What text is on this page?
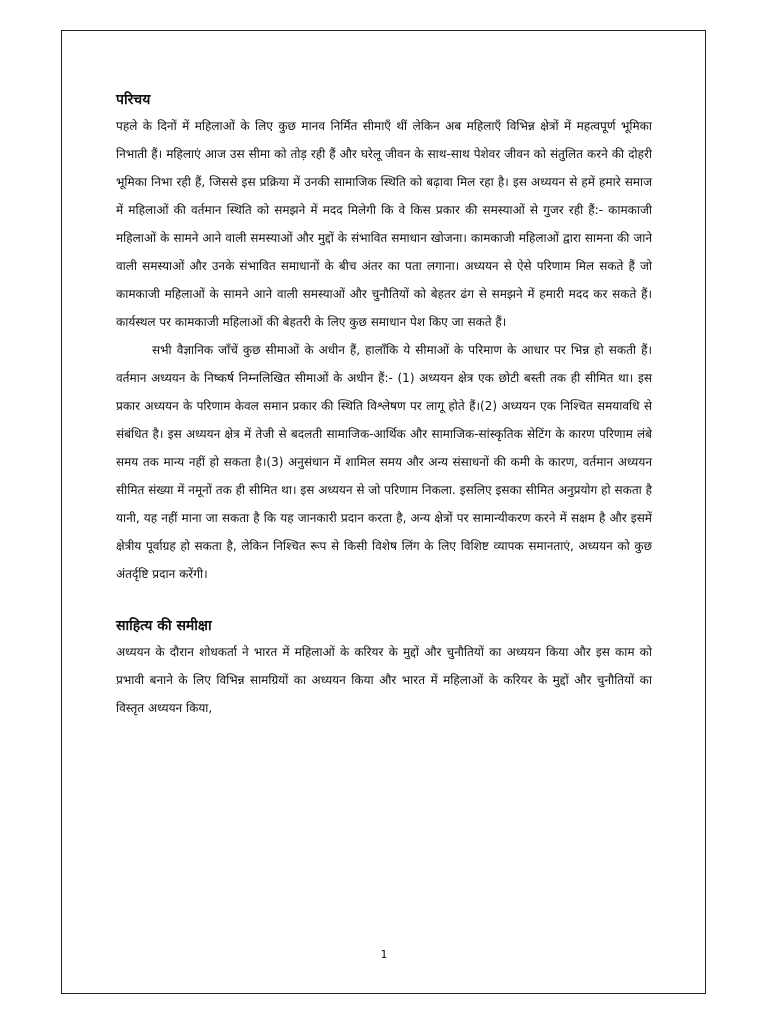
परिचय

पहले के दिनों में महिलाओं के लिए कुछ मानव निर्मित सीमाएँ थीं लेकिन अब महिलाएँ विभिन्न क्षेत्रों में महत्वपूर्ण भूमिका निभाती हैं। महिलाएं आज उस सीमा को तोड़ रही हैं और घरेलू जीवन के साथ-साथ पेशेवर जीवन को संतुलित करने की दोहरी भूमिका निभा रही हैं, जिससे इस प्रक्रिया में उनकी सामाजिक स्थिति को बढ़ावा मिल रहा है। इस अध्ययन से हमें हमारे समाज में महिलाओं की वर्तमान स्थिति को समझने में मदद मिलेगी कि वे किस प्रकार की समस्याओं से गुजर रही हैं:- कामकाजी महिलाओं के सामने आने वाली समस्याओं और मुद्दों के संभावित समाधान खोजना। कामकाजी महिलाओं द्वारा सामना की जाने वाली समस्याओं और उनके संभावित समाधानों के बीच अंतर का पता लगाना। अध्ययन से ऐसे परिणाम मिल सकते हैं जो कामकाजी महिलाओं के सामने आने वाली समस्याओं और चुनौतियों को बेहतर ढंग से समझने में हमारी मदद कर सकते हैं। कार्यस्थल पर कामकाजी महिलाओं की बेहतरी के लिए कुछ समाधान पेश किए जा सकते हैं।

सभी वैज्ञानिक जाँचें कुछ सीमाओं के अधीन हैं, हालाँकि ये सीमाओं के परिमाण के आधार पर भिन्न हो सकती हैं। वर्तमान अध्ययन के निष्कर्ष निम्नलिखित सीमाओं के अधीन हैं:- (1) अध्ययन क्षेत्र एक छोटी बस्ती तक ही सीमित था। इस प्रकार अध्ययन के परिणाम केवल समान प्रकार की स्थिति विश्लेषण पर लागू होते हैं।(2) अध्ययन एक निश्चित समयावधि से संबंधित है। इस अध्ययन क्षेत्र में तेजी से बदलती सामाजिक-आर्थिक और सामाजिक-सांस्कृतिक सेटिंग के कारण परिणाम लंबे समय तक मान्य नहीं हो सकता है।(3) अनुसंधान में शामिल समय और अन्य संसाधनों की कमी के कारण, वर्तमान अध्ययन सीमित संख्या में नमूनों तक ही सीमित था। इस अध्ययन से जो परिणाम निकला. इसलिए इसका सीमित अनुप्रयोग हो सकता है यानी, यह नहीं माना जा सकता है कि यह जानकारी प्रदान करता है, अन्य क्षेत्रों पर सामान्यीकरण करने में सक्षम है और इसमें क्षेत्रीय पूर्वाग्रह हो सकता है, लेकिन निश्चित रूप से किसी विशेष लिंग के लिए विशिष्ट व्यापक समानताएं, अध्ययन को कुछ अंतर्दृष्टि प्रदान करेंगी।

साहित्य की समीक्षा

अध्ययन के दौरान शोधकर्ता ने भारत में महिलाओं के करियर के मुद्दों और चुनौतियों का अध्ययन किया और इस काम को प्रभावी बनाने के लिए विभिन्न सामग्रियों का अध्ययन किया और भारत में महिलाओं के करियर के मुद्दों और चुनौतियों का विस्तृत अध्ययन किया,

1
